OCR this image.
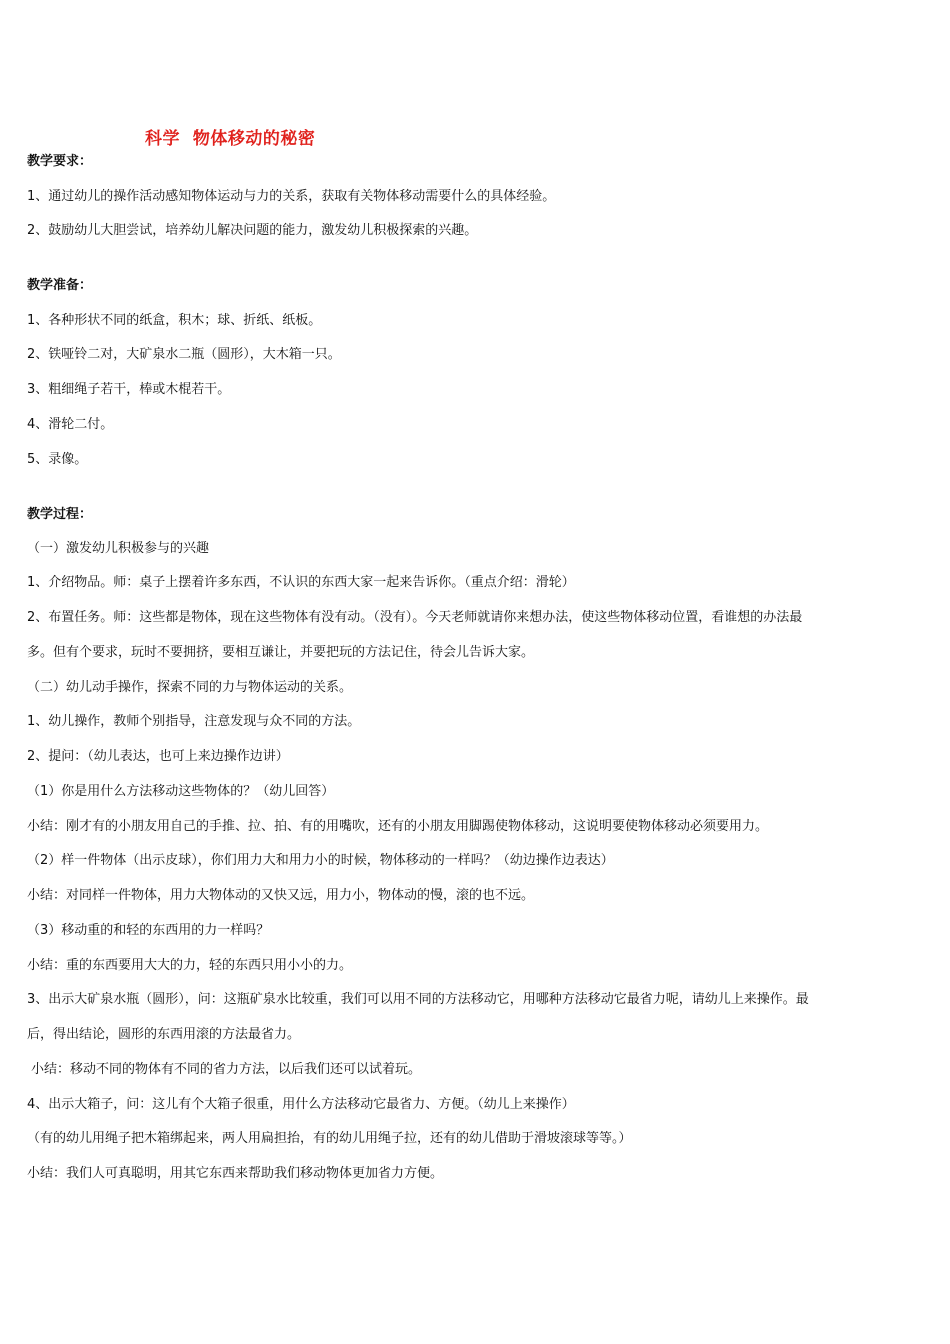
科学  物体移动的秘密
教学要求：
1、通过幼儿的操作活动感知物体运动与力的关系，获取有关物体移动需要什么的具体经验。
2、鼓励幼儿大胆尝试，培养幼儿解决问题的能力，激发幼儿积极探索的兴趣。
教学准备：
1、各种形状不同的纸盒，积木；球、折纸、纸板。
2、铁哑铃二对，大矿泉水二瓶（圆形），大木箱一只。
3、粗细绳子若干，棒或木棍若干。
4、滑轮二付。
5、录像。
教学过程：
（一）激发幼儿积极参与的兴趣
1、介绍物品。师：桌子上摆着许多东西，不认识的东西大家一起来告诉你。（重点介绍：滑轮）
2、布置任务。师：这些都是物体，现在这些物体有没有动。（没有）。今天老师就请你来想办法，使这些物体移动位置，看谁想的办法最
多。但有个要求，玩时不要拥挤，要相互谦让，并要把玩的方法记住，待会儿告诉大家。
（二）幼儿动手操作，探索不同的力与物体运动的关系。
1、幼儿操作，教师个别指导，注意发现与众不同的方法。
2、提问：（幼儿表达，也可上来边操作边讲）
（1）你是用什么方法移动这些物体的？（幼儿回答）
小结：刚才有的小朋友用自己的手推、拉、拍、有的用嘴吹，还有的小朋友用脚踢使物体移动，这说明要使物体移动必须要用力。
（2）样一件物体（出示皮球），你们用力大和用力小的时候，物体移动的一样吗？（幼边操作边表达）
小结：对同样一件物体，用力大物体动的又快又远，用力小，物体动的慢，滚的也不远。
（3）移动重的和轻的东西用的力一样吗？
小结：重的东西要用大大的力，轻的东西只用小小的力。
3、出示大矿泉水瓶（圆形），问：这瓶矿泉水比较重，我们可以用不同的方法移动它，用哪种方法移动它最省力呢，请幼儿上来操作。最
后，得出结论，圆形的东西用滚的方法最省力。
小结：移动不同的物体有不同的省力方法，以后我们还可以试着玩。
4、出示大箱子，问：这儿有个大箱子很重，用什么方法移动它最省力、方便。（幼儿上来操作）
（有的幼儿用绳子把木箱绑起来，两人用扁担抬，有的幼儿用绳子拉，还有的幼儿借助于滑坡滚球等等。）
小结：我们人可真聪明，用其它东西来帮助我们移动物体更加省力方便。
